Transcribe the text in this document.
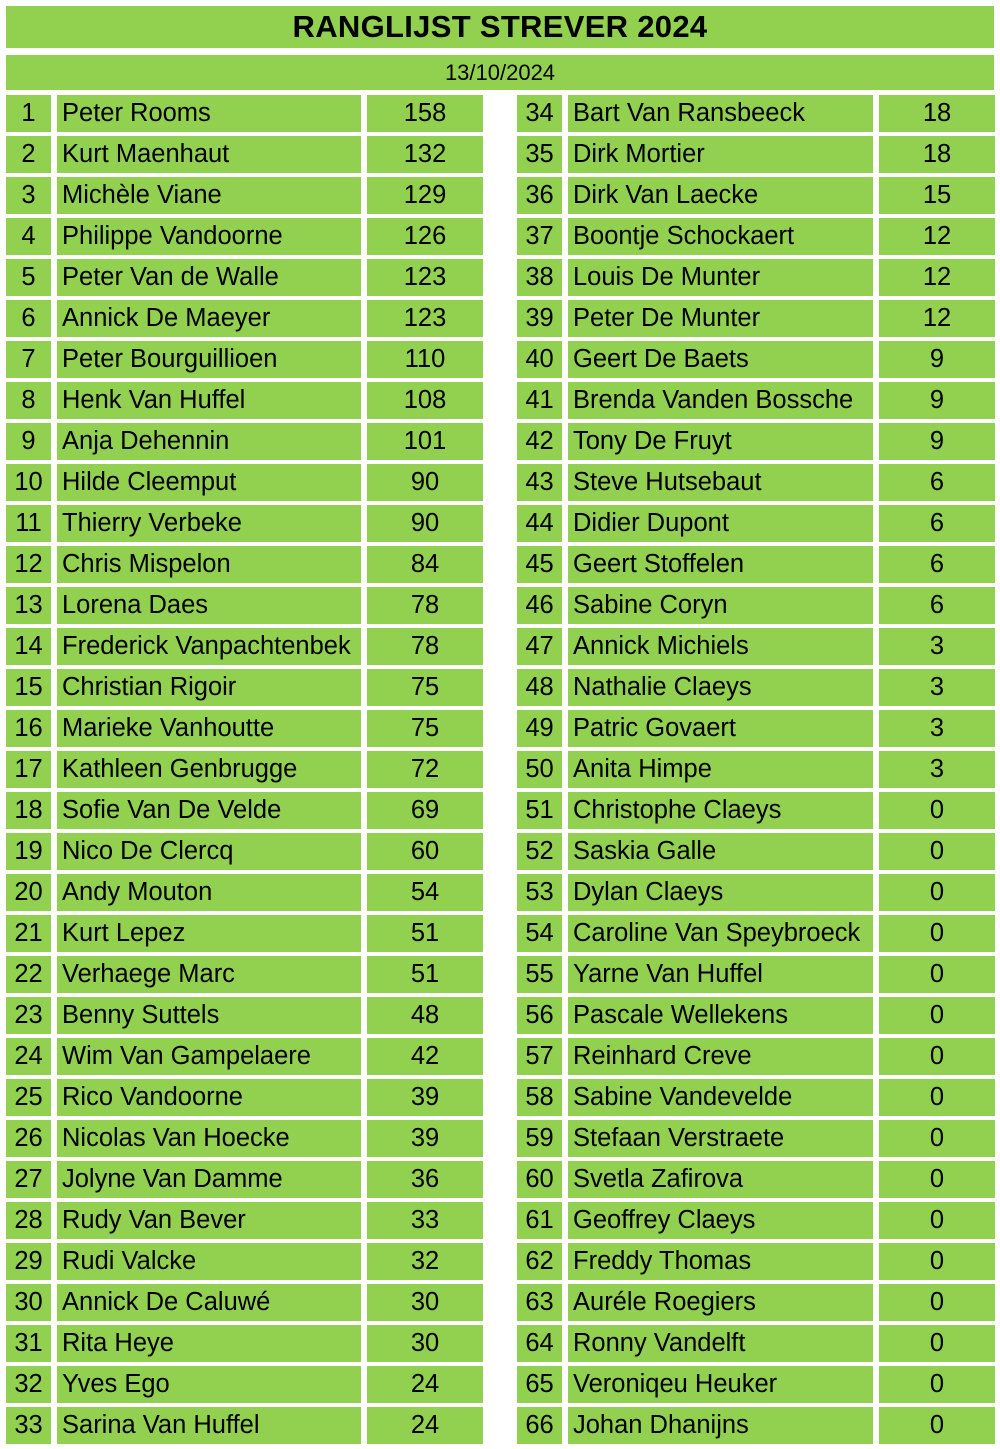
RANGLIJST STREVER 2024
13/10/2024
1	Peter Rooms	158
2	Kurt Maenhaut	132
3	Michèle Viane	129
4	Philippe Vandoorne	126
5	Peter Van de Walle	123
6	Annick De Maeyer	123
7	Peter Bourguillioen	110
8	Henk Van Huffel	108
9	Anja Dehennin	101
10 Hilde Cleemput	90
11 Thierry Verbeke	90
12 Chris Mispelon	84
13 Lorena Daes	78
14 Frederick Vanpachtenbek	78
15 Christian Rigoir	75
16 Marieke Vanhoutte	75
17 Kathleen Genbrugge	72
18 Sofie Van De Velde	69
19 Nico De Clercq	60
20 Andy Mouton	54
21 Kurt Lepez	51
22 Verhaege Marc	51
23 Benny Suttels	48
24 Wim Van Gampelaere	42
25 Rico Vandoorne	39
26 Nicolas Van Hoecke	39
27 Jolyne Van Damme	36
28 Rudy Van Bever	33
29 Rudi Valcke	32
30 Annick De Caluwé	30
31 Rita Heye	30
32 Yves Ego	24
33 Sarina Van Huffel	24
34 Bart Van Ransbeeck	18
35 Dirk Mortier	18
36 Dirk Van Laecke	15
37 Boontje Schockaert	12
38 Louis De Munter	12
39 Peter De Munter	12
40 Geert De Baets	9
41 Brenda Vanden Bossche	9
42 Tony De Fruyt	9
43 Steve Hutsebaut	6
44 Didier Dupont	6
45 Geert Stoffelen	6
46 Sabine Coryn	6
47 Annick Michiels	3
48 Nathalie Claeys	3
49 Patric Govaert	3
50 Anita Himpe	3
51 Christophe Claeys	0
52 Saskia Galle	0
53 Dylan Claeys	0
54 Caroline Van Speybroeck	0
55 Yarne Van Huffel	0
56 Pascale Wellekens	0
57 Reinhard Creve	0
58 Sabine Vandevelde	0
59 Stefaan Verstraete	0
60 Svetla Zafirova	0
61 Geoffrey Claeys	0
62 Freddy Thomas	0
63 Auréle Roegiers	0
64 Ronny Vandelft	0
65 Veroniqeu Heuker	0
66 Johan Dhanijns	0
